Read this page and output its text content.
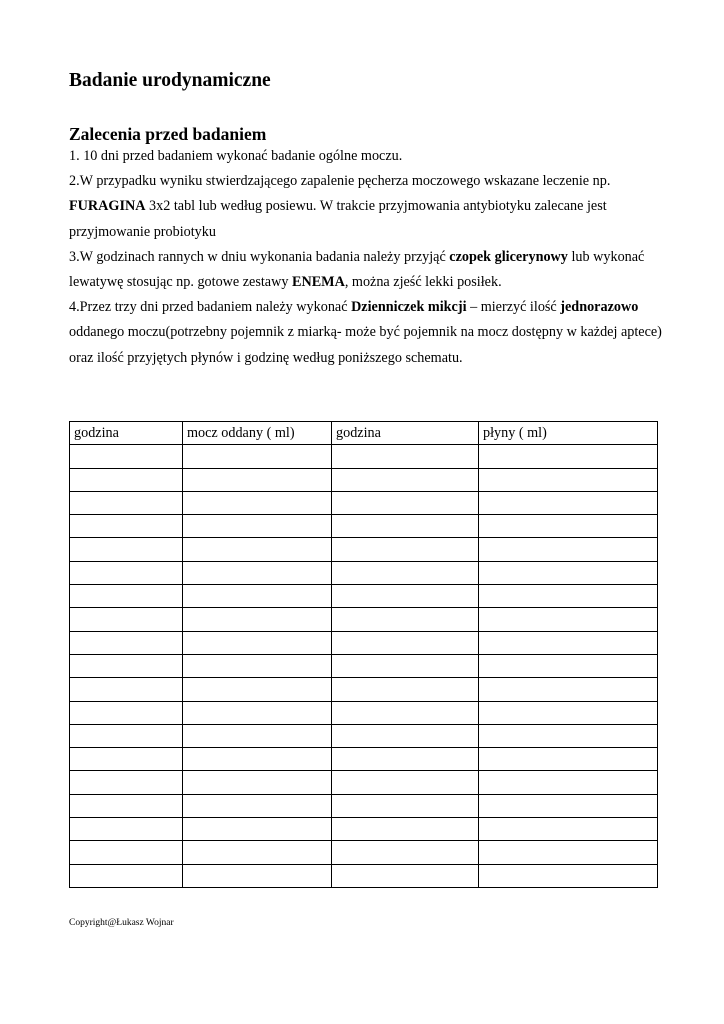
Badanie urodynamiczne
Zalecenia przed badaniem

1. 10 dni przed badaniem wykonać badanie ogólne moczu.

2.W przypadku wyniku stwierdzającego zapalenie pęcherza moczowego wskazane leczenie np. FURAGINA 3x2 tabl lub według posiewu. W trakcie przyjmowania antybiotyku zalecane jest przyjmowanie probiotyku

3.W godzinach rannych w dniu wykonania badania należy przyjąć czopek glicerynowy lub wykonać lewatywę stosując np. gotowe zestawy ENEMA, można zjeść lekki posiłek.

4.Przez trzy dni przed badaniem należy wykonać Dzienniczek mikcji – mierzyć ilość jednorazowo oddanego moczu(potrzebny pojemnik z miarką- może być pojemnik na mocz dostępny w każdej aptece) oraz ilość przyjętych płynów i godzinę według poniższego schematu.

godzina	mocz oddany ( ml)	godzina	płyny ( ml)

Copyright@Łukasz Wojnar
